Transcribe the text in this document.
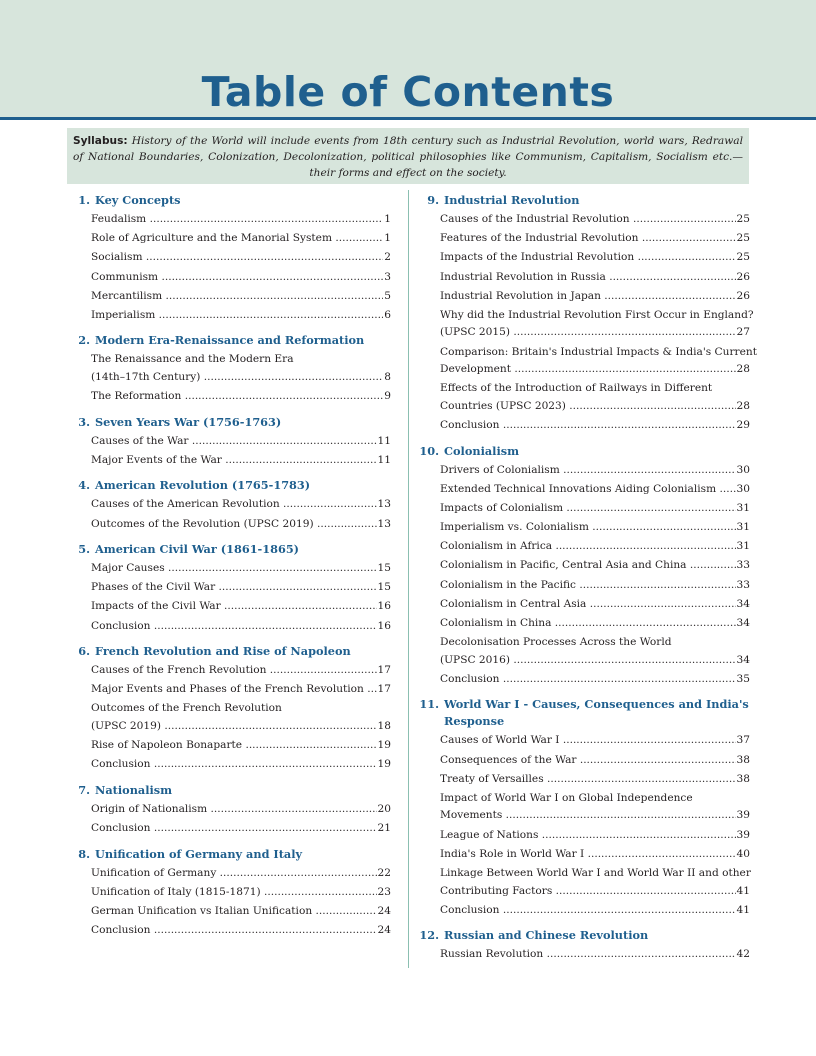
Table of Contents
Syllabus: History of the World will include events from 18th century such as Industrial Revolution, world wars, Redrawal of National Boundaries, Colonization, Decolonization, political philosophies like Communism, Capitalism, Socialism etc.—their forms and effect on the society.
1. Key Concepts
Feudalism .....	1
Role of Agriculture and the Manorial System .....	1
Socialism .....	2
Communism .....	3
Mercantilism .....	5
Imperialism .....	6
2. Modern Era-Renaissance and Reformation
The Renaissance and the Modern Era
(14th–17th Century) .....	8
The Reformation .....	9
3. Seven Years War (1756-1763)
Causes of the War .....	11
Major Events of the War .....	11
4. American Revolution (1765-1783)
Causes of the American Revolution .....	13
Outcomes of the Revolution (UPSC 2019) .....	13
5. American Civil War (1861-1865)
Major Causes .....	15
Phases of the Civil War .....	15
Impacts of the Civil War .....	16
Conclusion .....	16
6. French Revolution and Rise of Napoleon
Causes of the French Revolution .....	17
Major Events and Phases of the French Revolution .....	17
Outcomes of the French Revolution
(UPSC 2019) .....	18
Rise of Napoleon Bonaparte .....	19
Conclusion .....	19
7. Nationalism
Origin of Nationalism .....	20
Conclusion .....	21
8. Unification of Germany and Italy
Unification of Germany .....	22
Unification of Italy (1815-1871) .....	23
German Unification vs Italian Unification .....	24
Conclusion .....	24
9. Industrial Revolution
Causes of the Industrial Revolution .....	25
Features of the Industrial Revolution .....	25
Impacts of the Industrial Revolution .....	25
Industrial Revolution in Russia .....	26
Industrial Revolution in Japan .....	26
Why did the Industrial Revolution First Occur in England?
(UPSC 2015) .....	27
Comparison: Britain's Industrial Impacts & India's Current
Development .....	28
Effects of the Introduction of Railways in Different
Countries (UPSC 2023) .....	28
Conclusion .....	29
10. Colonialism
Drivers of Colonialism .....	30
Extended Technical Innovations Aiding Colonialism .....	30
Impacts of Colonialism .....	31
Imperialism vs. Colonialism .....	31
Colonialism in Africa .....	31
Colonialism in Pacific, Central Asia and China .....	33
Colonialism in the Pacific .....	33
Colonialism in Central Asia .....	34
Colonialism in China .....	34
Decolonisation Processes Across the World
(UPSC 2016) .....	34
Conclusion .....	35
11. World War I - Causes, Consequences and India's Response
Causes of World War I .....	37
Consequences of the War .....	38
Treaty of Versailles .....	38
Impact of World War I on Global Independence
Movements .....	39
League of Nations .....	39
India's Role in World War I .....	40
Linkage Between World War I and World War II and other
Contributing Factors .....	41
Conclusion .....	41
12. Russian and Chinese Revolution
Russian Revolution .....	42
